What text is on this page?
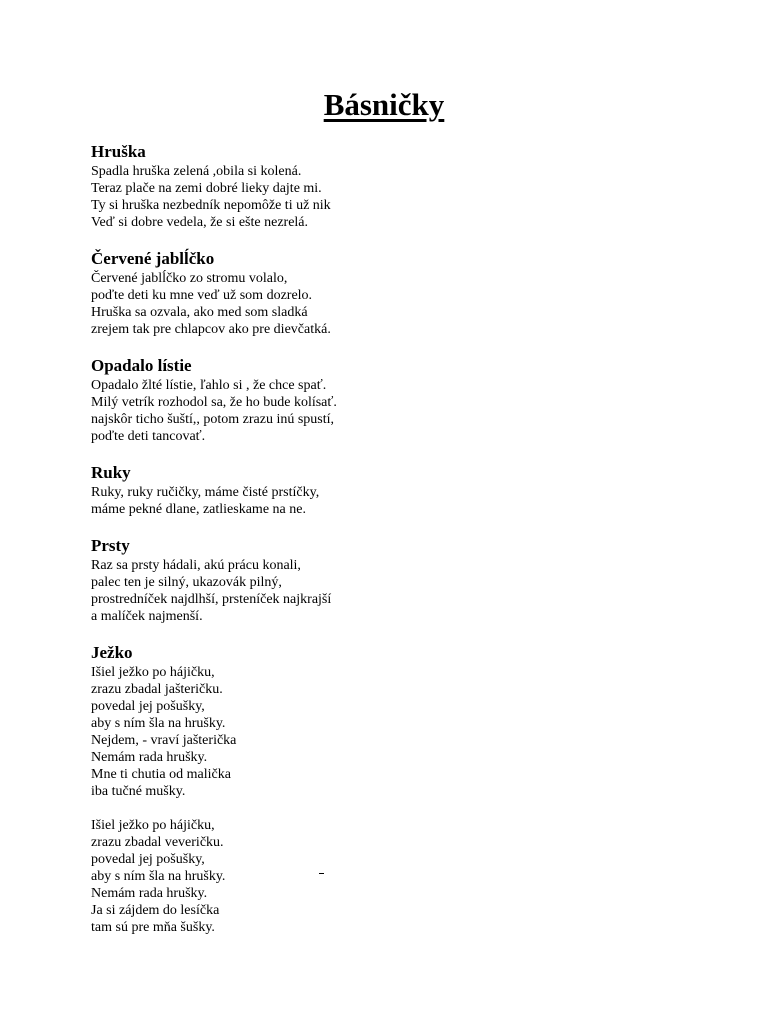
Básničky
Hruška
Spadla hruška zelená ,obila si kolená.
Teraz plače na zemi dobré lieky dajte mi.
Ty si hruška nezbedník nepomôže ti už nik
Veď si dobre vedela, že si ešte nezrelá.
Červené jablĺčko
Červené jablĺčko zo stromu volalo,
poďte deti ku mne veď už som dozrelo.
Hruška sa ozvala, ako med som sladká
zrejem tak pre chlapcov ako pre dievčatká.
Opadalo lístie
Opadalo žlté lístie, ľahlo si , že chce spať.
Milý vetrík rozhodol sa, že ho bude kolísať.
najskôr ticho šuští,, potom zrazu inú spustí,
poďte deti tancovať.
Ruky
Ruky, ruky ručičky, máme čisté prstíčky,
máme pekné dlane, zatlieskame na ne.
Prsty
Raz sa prsty hádali, akú prácu konali,
palec ten je silný, ukazovák pilný,
prostredníček najdlhší, prsteníček najkrajší
a malíček najmenší.
Ježko
Išiel ježko po hájičku,
zrazu zbadal jašteričku.
povedal jej pošušky,
aby s ním šla na hrušky.
Nejdem, - vraví jašterička
Nemám rada hrušky.
Mne ti chutia od malička
iba tučné mušky.
Išiel ježko po hájičku,
zrazu zbadal veveričku.
povedal jej pošušky,
aby s ním šla na hrušky.
Nemám rada hrušky.
Ja si zájdem do lesíčka
tam sú pre mňa šušky.
